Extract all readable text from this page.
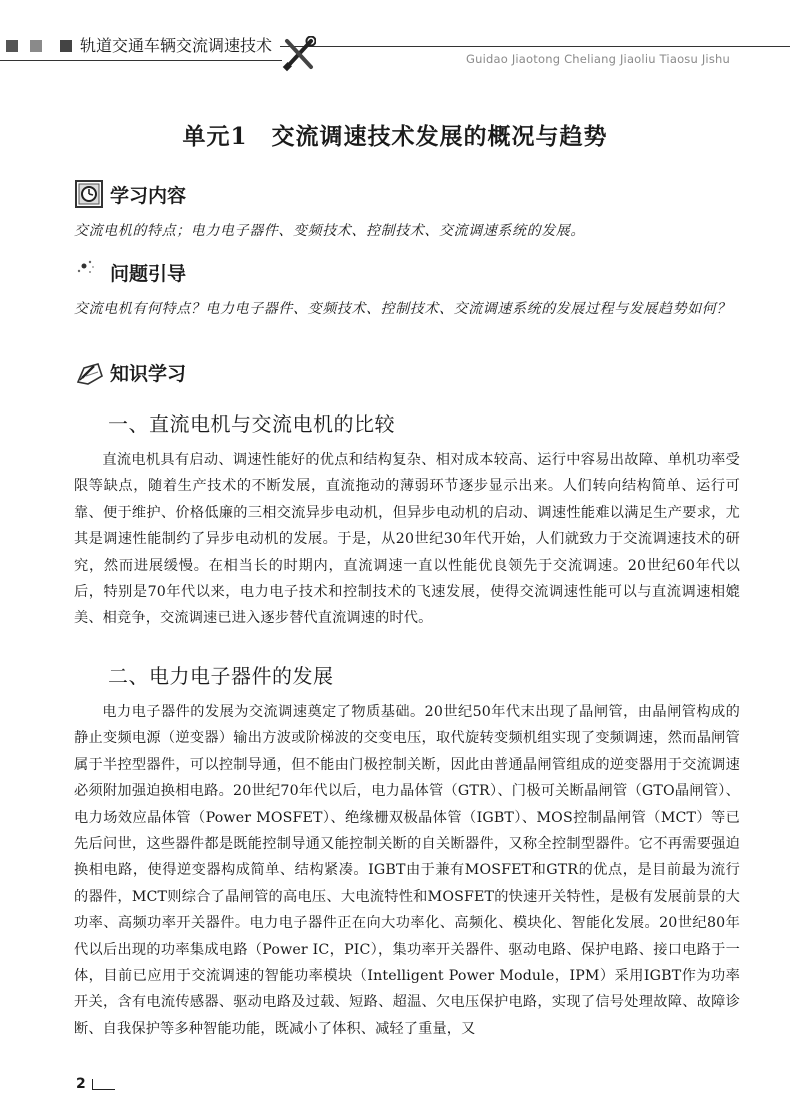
轨道交通车辆交流调速技术
Guidao Jiaotong Cheliang Jiaoliu Tiaosu Jishu
单元1　交流调速技术发展的概况与趋势
学习内容
交流电机的特点；电力电子器件、变频技术、控制技术、交流调速系统的发展。
问题引导
交流电机有何特点？电力电子器件、变频技术、控制技术、交流调速系统的发展过程与发展趋势如何？
知识学习
一、直流电机与交流电机的比较
直流电机具有启动、调速性能好的优点和结构复杂、相对成本较高、运行中容易出故障、单机功率受限等缺点，随着生产技术的不断发展，直流拖动的薄弱环节逐步显示出来。人们转向结构简单、运行可靠、便于维护、价格低廉的三相交流异步电动机，但异步电动机的启动、调速性能难以满足生产要求，尤其是调速性能制约了异步电动机的发展。于是，从20世纪30年代开始，人们就致力于交流调速技术的研究，然而进展缓慢。在相当长的时期内，直流调速一直以性能优良领先于交流调速。20世纪60年代以后，特别是70年代以来，电力电子技术和控制技术的飞速发展，使得交流调速性能可以与直流调速相媲美、相竞争，交流调速已进入逐步替代直流调速的时代。
二、电力电子器件的发展
电力电子器件的发展为交流调速奠定了物质基础。20世纪50年代末出现了晶闸管，由晶闸管构成的静止变频电源（逆变器）输出方波或阶梯波的交变电压，取代旋转变频机组实现了变频调速，然而晶闸管属于半控型器件，可以控制导通，但不能由门极控制关断，因此由普通晶闸管组成的逆变器用于交流调速必须附加强迫换相电路。20世纪70年代以后，电力晶体管（GTR）、门极可关断晶闸管（GTO晶闸管）、电力场效应晶体管（Power MOSFET）、绝缘栅双极晶体管（IGBT）、MOS控制晶闸管（MCT）等已先后问世，这些器件都是既能控制导通又能控制关断的自关断器件，又称全控制型器件。它不再需要强迫换相电路，使得逆变器构成简单、结构紧凑。IGBT由于兼有MOSFET和GTR的优点，是目前最为流行的器件，MCT则综合了晶闸管的高电压、大电流特性和MOSFET的快速开关特性，是极有发展前景的大功率、高频功率开关器件。电力电子器件正在向大功率化、高频化、模块化、智能化发展。20世纪80年代以后出现的功率集成电路（Power IC，PIC），集功率开关器件、驱动电路、保护电路、接口电路于一体，目前已应用于交流调速的智能功率模块（Intelligent Power Module，IPM）采用IGBT作为功率开关，含有电流传感器、驱动电路及过载、短路、超温、欠电压保护电路，实现了信号处理故障、故障诊断、自我保护等多种智能功能，既减小了体积、减轻了重量，又
2
